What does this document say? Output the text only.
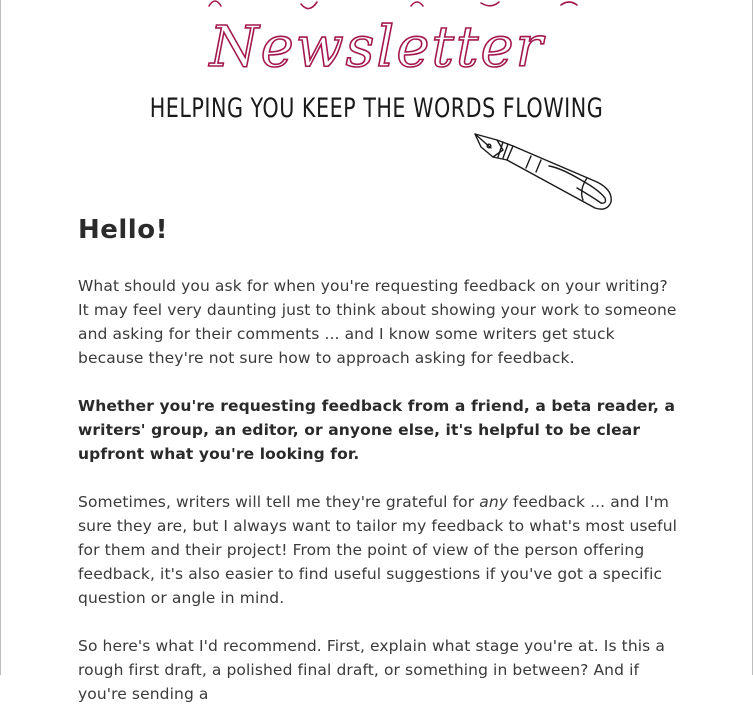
Newsletter
HELPING YOU KEEP THE WORDS FLOWING
Hello!

What should you ask for when you're requesting feedback on your writing? It may feel very daunting just to think about showing your work to someone and asking for their comments ... and I know some writers get stuck because they're not sure how to approach asking for feedback.

Whether you're requesting feedback from a friend, a beta reader, a writers' group, an editor, or anyone else, it's helpful to be clear upfront what you're looking for.

Sometimes, writers will tell me they're grateful for any feedback ... and I'm sure they are, but I always want to tailor my feedback to what's most useful for them and their project! From the point of view of the person offering feedback, it's also easier to find useful suggestions if you've got a specific question or angle in mind.

So here's what I'd recommend. First, explain what stage you're at. Is this a rough first draft, a polished final draft, or something in between? And if you're sending a
